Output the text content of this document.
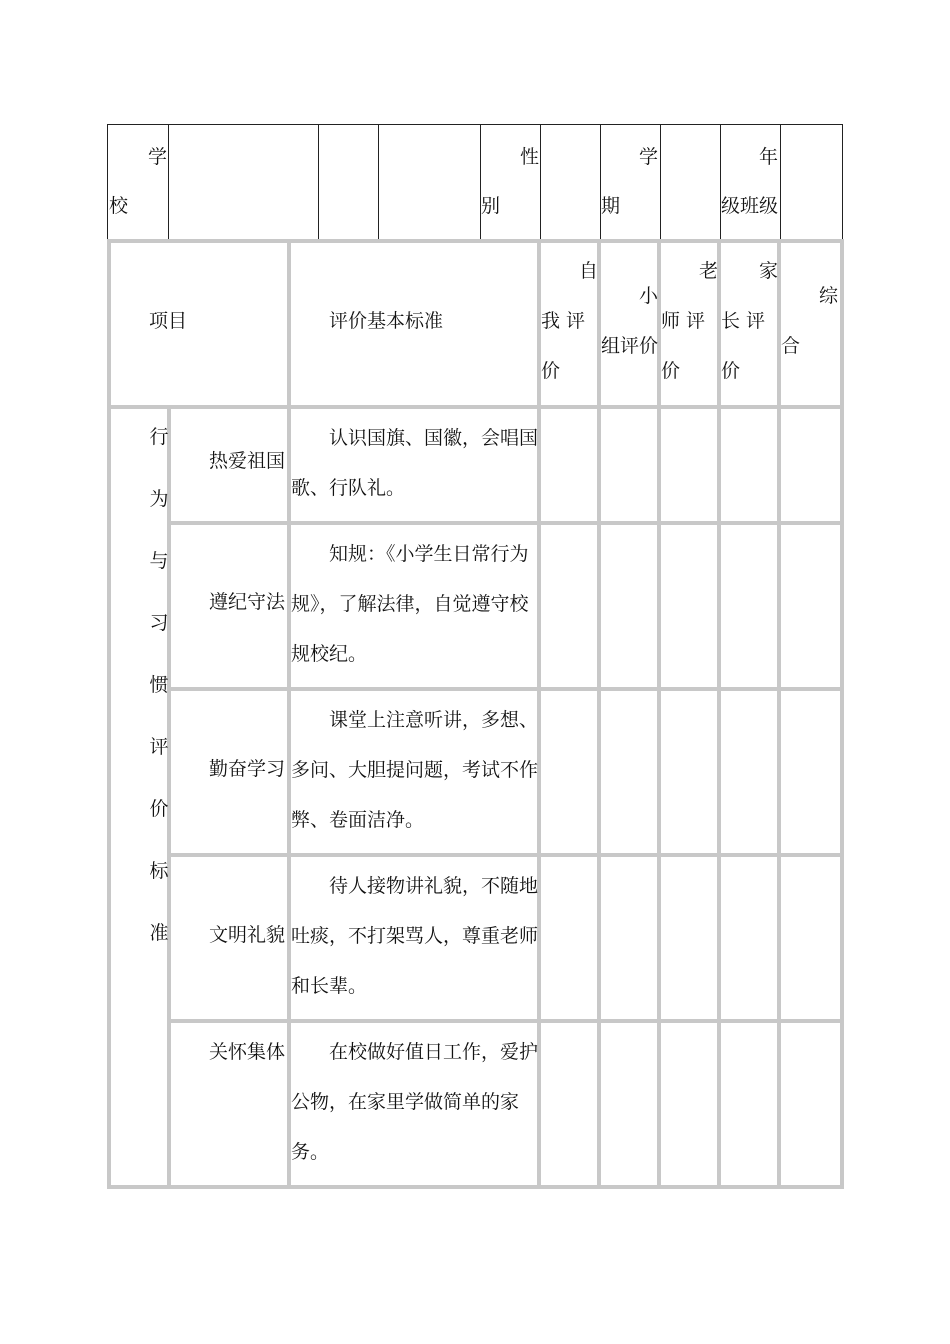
学
校
性
别
学
期
年
级班级
项目	评价基本标准
自
我 评
价
小
组评价
老
师 评
价
家
长 评
价
综
合
行
为
与
习
惯
评
价
标
准
热爱祖国
认识国旗、国徽，会唱国歌、行队礼。
遵纪守法
知规：《小学生日常行为规》，了解法律，自觉遵守校规校纪。
勤奋学习
课堂上注意听讲，多想、多问、大胆提问题，考试不作弊、卷面洁净。
文明礼貌
待人接物讲礼貌，不随地吐痰，不打架骂人，尊重老师和长辈。
关怀集体	在校做好值日工作，爱护公物，在家里学做简单的家务。
